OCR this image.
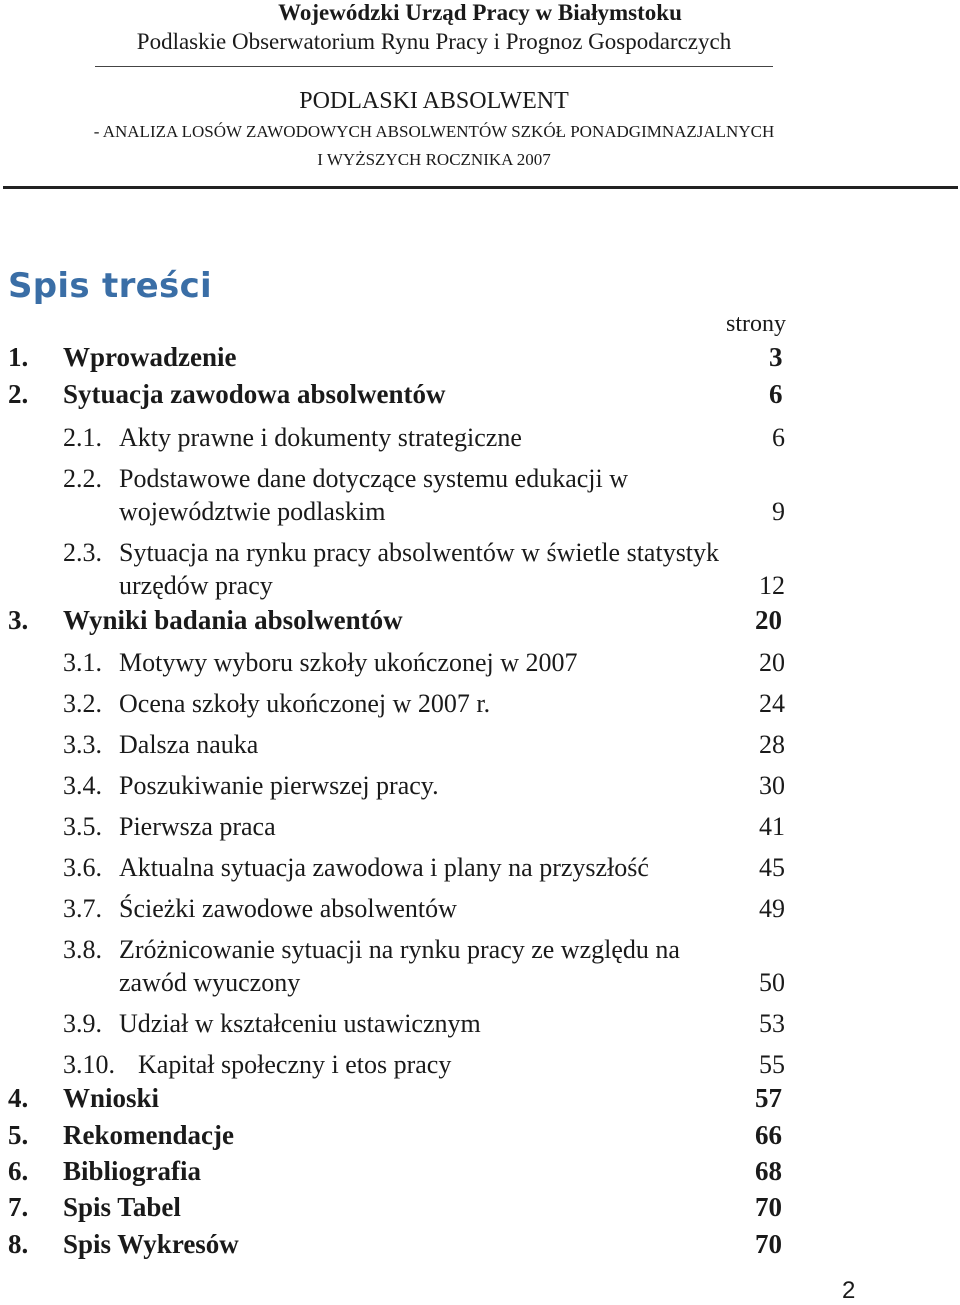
Wojewódzki Urząd Pracy w Białymstoku
Podlaskie Obserwatorium Rynu Pracy i Prognoz Gospodarczych
PODLASKI ABSOLWENT
- ANALIZA LOSÓW ZAWODOWYCH ABSOLWENTÓW SZKÓŁ PONADGIMNAZJALNYCH
I WYŻSZYCH ROCZNIKA 2007
Spis treści
strony
1. Wprowadzenie	3
2. Sytuacja zawodowa absolwentów	6
2.1. Akty prawne i dokumenty strategiczne	6
2.2. Podstawowe dane dotyczące systemu edukacji w
województwie podlaskim	9
2.3. Sytuacja na rynku pracy absolwentów w świetle statystyk
urzędów pracy	12
3. Wyniki badania absolwentów	20
3.1. Motywy wyboru szkoły ukończonej w 2007	20
3.2. Ocena szkoły ukończonej w 2007 r.	24
3.3. Dalsza nauka	28
3.4. Poszukiwanie pierwszej pracy.	30
3.5. Pierwsza praca	41
3.6. Aktualna sytuacja zawodowa i plany na przyszłość	45
3.7. Ścieżki zawodowe absolwentów	49
3.8. Zróżnicowanie sytuacji na rynku pracy ze względu na
zawód wyuczony	50
3.9. Udział w kształceniu ustawicznym	53
3.10. Kapitał społeczny i etos pracy	55
4. Wnioski	57
5. Rekomendacje	66
6. Bibliografia	68
7. Spis Tabel	70
8. Spis Wykresów	70
2
